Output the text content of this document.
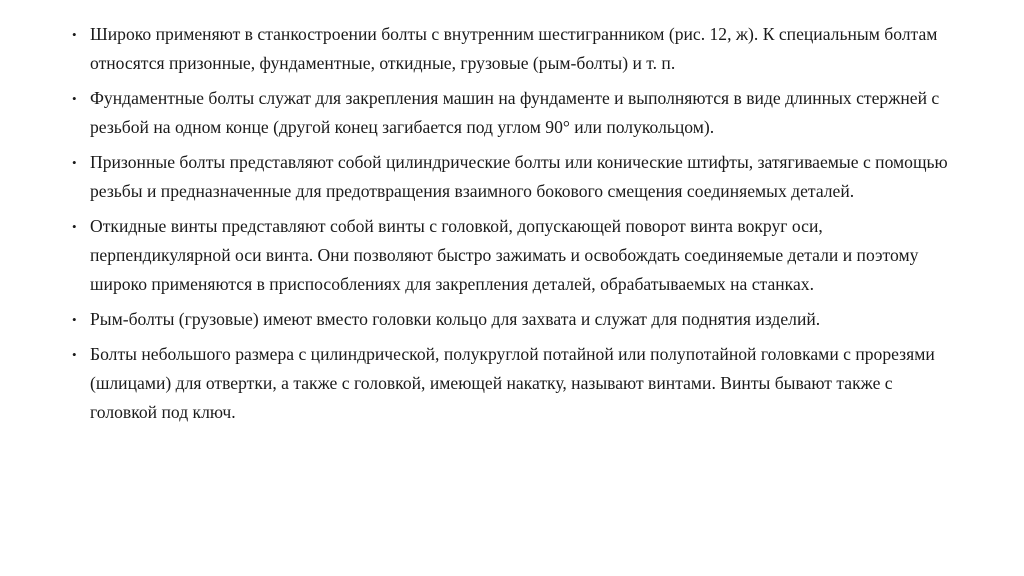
• Широко применяют в станкостроении болты с внутренним шестигранником (рис. 12, ж). К специальным болтам относятся призонные, фундаментные, откидные, грузовые (рым-болты) и т. п.
• Фундаментные болты служат для закрепления машин на фундаменте и выполняются в виде длинных стержней с резьбой на одном конце (другой конец загибается под углом 90° или полукольцом).
• Призонные болты представляют собой цилиндрические болты или конические штифты, затягиваемые с помощью резьбы и предназначенные для предотвращения взаимного бокового смещения соединяемых деталей.
• Откидные винты представляют собой винты с головкой, допускающей поворот винта вокруг оси, перпендикулярной оси винта. Они позволяют быстро зажимать и освобождать соединяемые детали и поэтому широко применяются в приспособлениях для закрепления деталей, обрабатываемых на станках.
• Рым-болты (грузовые) имеют вместо головки кольцо для захвата и служат для поднятия изделий.
• Болты небольшого размера с цилиндрической, полукруглой потайной или полупотайной головками с прорезями (шлицами) для отвертки, а также с головкой, имеющей накатку, называют винтами. Винты бывают также с головкой под ключ.
